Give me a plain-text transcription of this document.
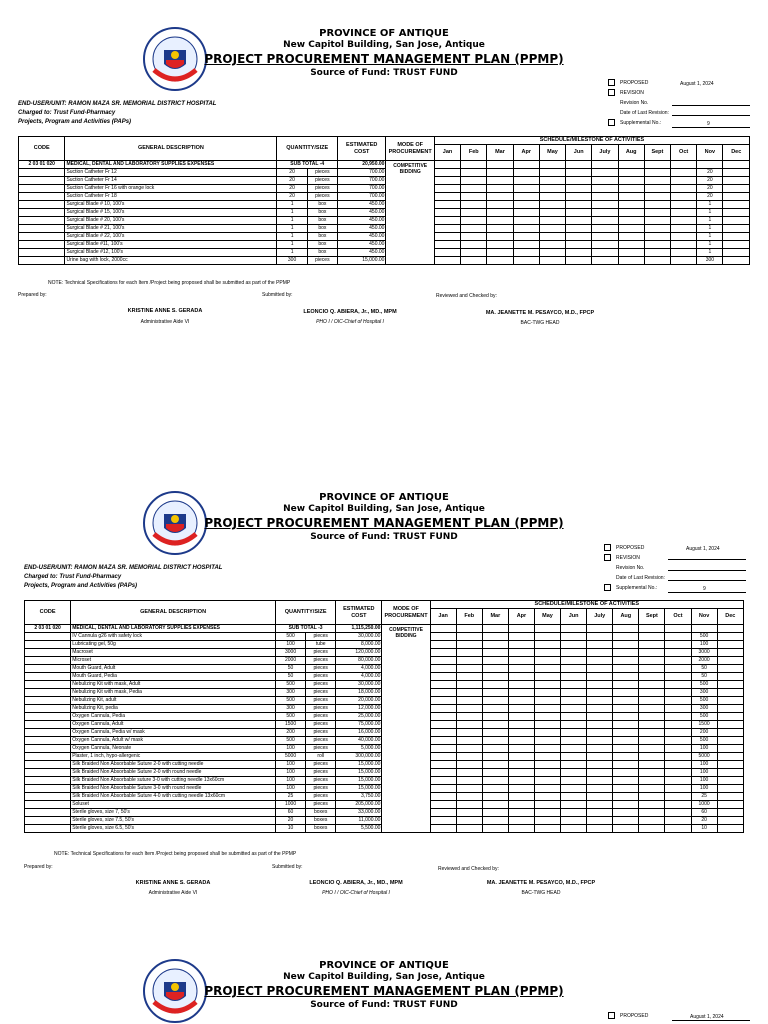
PROVINCE OF ANTIQUE
New Capitol Building, San Jose, Antique
PROJECT PROCUREMENT MANAGEMENT PLAN (PPMP)
Source of Fund: TRUST FUND
PROPOSED	August 1, 2024
REVISION
Revision No.
Date of Last Revision:
Supplemental No.:	9
END-USER/UNIT: RAMON MAZA SR. MEMORIAL DISTRICT HOSPITAL
Charged to: Trust Fund-Pharmacy
Projects, Program and Activities (PAPs)
CODE	GENERAL DESCRIPTION	QUANTITY/SIZE		ESTIMATED COST	MODE OF PROCUREMENT	SCHEDULE/MILESTONE OF ACTIVITIES											
						Jan	Feb	Mar	Apr	May	Jun	July	Aug	Sept	Oct	Nov	Dec
2 03 01 020	MEDICAL, DENTAL AND LABORATORY SUPPLIES EXPENSES	SUB TOTAL -4		20,950.00	COMPETITIVE BIDDING												
	Suction Catheter Fr 12	20	pieces	700.00												20	
	Suction Catheter Fr 14	20	pieces	700.00												20	
	Suction Catheter Fr 16 with orange lock	20	pieces	700.00												20	
	Suction Catheter Fr 18	20	pieces	700.00												20	
	Surgical Blade # 10, 100's	1	box	450.00												1	
	Surgical Blade # 15, 100's	1	box	450.00												1	
	Surgical Blade # 20, 100's	1	box	450.00												1	
	Surgical Blade # 21, 100's	1	box	450.00												1	
	Surgical Blade # 22, 100's	1	box	450.00												1	
	Surgical Blade #11, 100's	1	box	450.00												1	
	Surgical Blade #12, 100's	1	box	450.00												1	
	Urine bag with lock, 2000cc	300	pieces	15,000.00												300	
NOTE: Technical Specifications for each Item /Project being proposed shall be submitted as part of the PPMP
Prepared by:	Submitted by:	Reviewed and Checked by:
KRISTINE ANNE S. GERADA
Administrative Aide VI
LEONCIO Q. ABIERA, Jr., MD., MPM
PHO I / OIC-Chief of Hospital I
MA. JEANETTE M. PESAYCO, M.D., FPCP
BAC-TWG HEAD
PROVINCE OF ANTIQUE
New Capitol Building, San Jose, Antique
PROJECT PROCUREMENT MANAGEMENT PLAN (PPMP)
Source of Fund: TRUST FUND
PROPOSED	August 1, 2024
REVISION
Revision No.
Date of Last Revision:
Supplemental No.:	9
END-USER/UNIT: RAMON MAZA SR. MEMORIAL DISTRICT HOSPITAL
Charged to: Trust Fund-Pharmacy
Projects, Program and Activities (PAPs)
CODE	GENERAL DESCRIPTION	QUANTITY/SIZE		ESTIMATED COST	MODE OF PROCUREMENT	SCHEDULE/MILESTONE OF ACTIVITIES											
						Jan	Feb	Mar	Apr	May	Jun	July	Aug	Sept	Oct	Nov	Dec
2 03 01 020	MEDICAL, DENTAL AND LABORATORY SUPPLIES EXPENSES	SUB TOTAL -3		1,115,250.00	COMPETITIVE BIDDING												
	IV Cannula g26 with safety lock	500	pieces	30,000.00												500	
	Lubricating gel, 50g	100	tube	8,000.00												100	
	Macroset	3000	pieces	120,000.00												3000	
	Microset	2000	pieces	80,000.00												2000	
	Mouth Guard, Adult	50	pieces	4,000.00												50	
	Mouth Guard, Pedia	50	pieces	4,000.00												50	
	Nebulizing Kit with mask, Adult	500	pieces	30,000.00												500	
	Nebulizing Kit with mask, Pedia	300	pieces	18,000.00												300	
	Nebulizing Kit, adult	500	pieces	20,000.00												500	
	Nebulizing Kit, pedia	300	pieces	12,000.00												300	
	Oxygen Cannula, Pedia	500	pieces	25,000.00												500	
	Oxygen Cannula, Adult	1500	pieces	75,000.00												1500	
	Oxygen Cannula, Pedia w/ mask	200	pieces	16,000.00												200	
	Oxygen Cannula, Adult w/ mask	500	pieces	40,000.00												500	
	Oxygen Cannula, Neonate	100	pieces	5,000.00												100	
	Plaster, 1 inch, hypo-allergenic	5000	roll	300,000.00												5000	
	Silk Braided Non Absorbable Suture 2-0 with cutting needle	100	pieces	15,000.00												100	
	Silk Braided Non Absorbable Suture 2-0 with round needle	100	pieces	15,000.00												100	
	Silk Braided Non Absorbable suture 3-0 with cutting needle 13x60cm	100	pieces	15,000.00												100	
	Silk Braided Non Absorbable Suture 3-0 with round needle	100	pieces	15,000.00												100	
	Silk Braided Non Absorbable Suture 4-0 with cutting needle 13x60cm	25	pieces	3,750.00												25	
	Soluset	1000	pieces	205,000.00												1000	
	Sterile gloves, size 7, 50's	60	boxes	33,000.00												60	
	Sterile gloves, size 7.5, 50's	20	boxes	11,000.00												20	
	Sterile gloves, size 6.5, 50's	10	boxes	5,500.00												10	
NOTE: Technical Specifications for each Item /Project being proposed shall be submitted as part of the PPMP
Prepared by:	Submitted by:	Reviewed and Checked by:
KRISTINE ANNE S. GERADA
Administrative Aide VI
LEONCIO Q. ABIERA, Jr., MD., MPM
PHO I / OIC-Chief of Hospital I
MA. JEANETTE M. PESAYCO, M.D., FPCP
BAC-TWG HEAD
PROVINCE OF ANTIQUE
New Capitol Building, San Jose, Antique
PROJECT PROCUREMENT MANAGEMENT PLAN (PPMP)
Source of Fund: TRUST FUND
PROPOSED	August 1, 2024
